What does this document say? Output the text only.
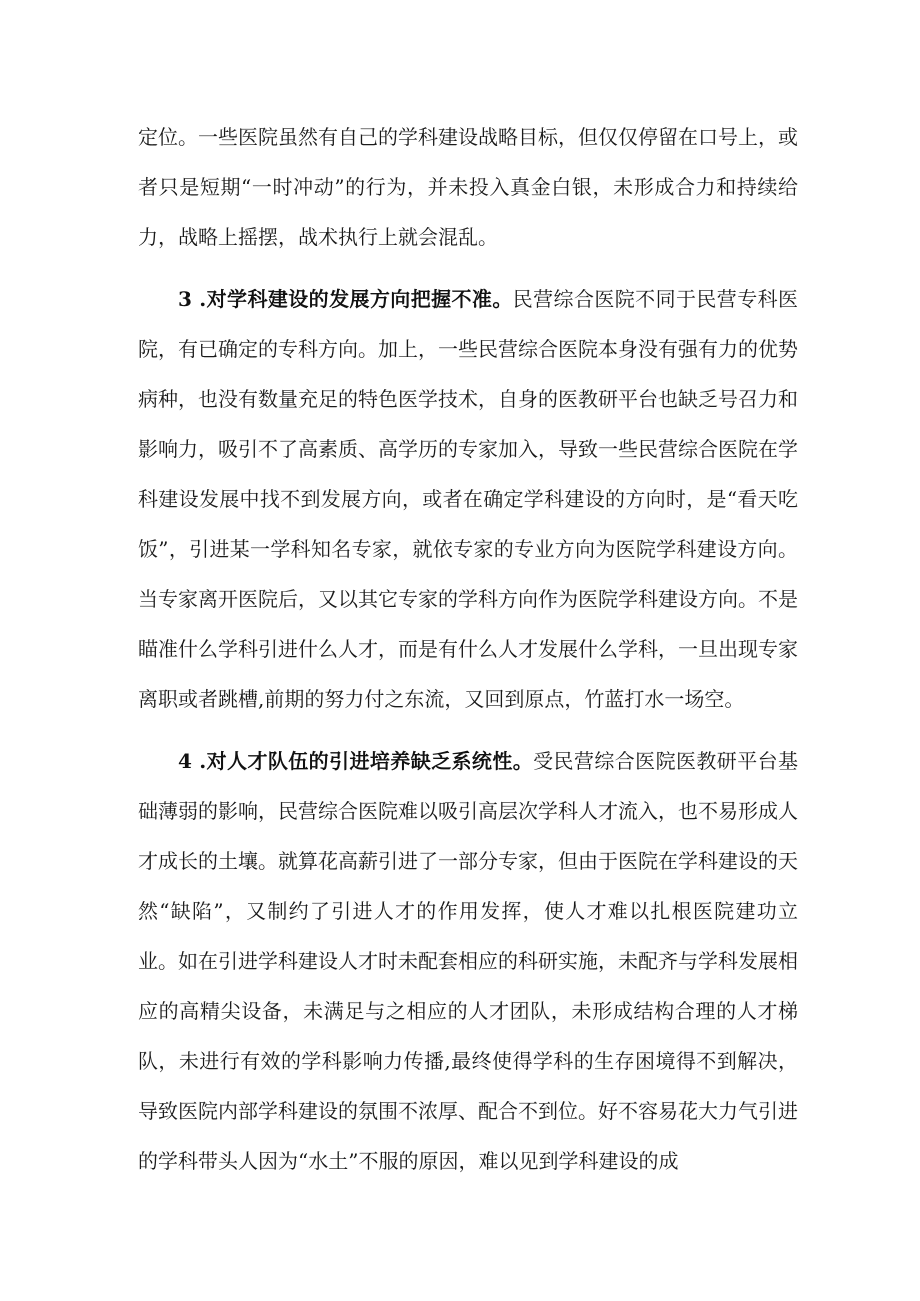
定位。一些医院虽然有自己的学科建设战略目标，但仅仅停留在口号上，或者只是短期“一时冲动”的行为，并未投入真金白银，未形成合力和持续给力，战略上摇摆，战术执行上就会混乱。

3 .对学科建设的发展方向把握不准。民营综合医院不同于民营专科医院，有已确定的专科方向。加上，一些民营综合医院本身没有强有力的优势病种，也没有数量充足的特色医学技术，自身的医教研平台也缺乏号召力和影响力，吸引不了高素质、高学历的专家加入，导致一些民营综合医院在学科建设发展中找不到发展方向，或者在确定学科建设的方向时，是“看天吃饭”，引进某一学科知名专家，就依专家的专业方向为医院学科建设方向。当专家离开医院后，又以其它专家的学科方向作为医院学科建设方向。不是瞄准什么学科引进什么人才，而是有什么人才发展什么学科，一旦出现专家离职或者跳槽,前期的努力付之东流，又回到原点，竹蓝打水一场空。

4 .对人才队伍的引进培养缺乏系统性。受民营综合医院医教研平台基础薄弱的影响，民营综合医院难以吸引高层次学科人才流入，也不易形成人才成长的土壤。就算花高薪引进了一部分专家，但由于医院在学科建设的天然“缺陷”，又制约了引进人才的作用发挥，使人才难以扎根医院建功立业。如在引进学科建设人才时未配套相应的科研实施，未配齐与学科发展相应的高精尖设备，未满足与之相应的人才团队，未形成结构合理的人才梯队，未进行有效的学科影响力传播,最终使得学科的生存困境得不到解决，导致医院内部学科建设的氛围不浓厚、配合不到位。好不容易花大力气引进的学科带头人因为“水土”不服的原因，难以见到学科建设的成
